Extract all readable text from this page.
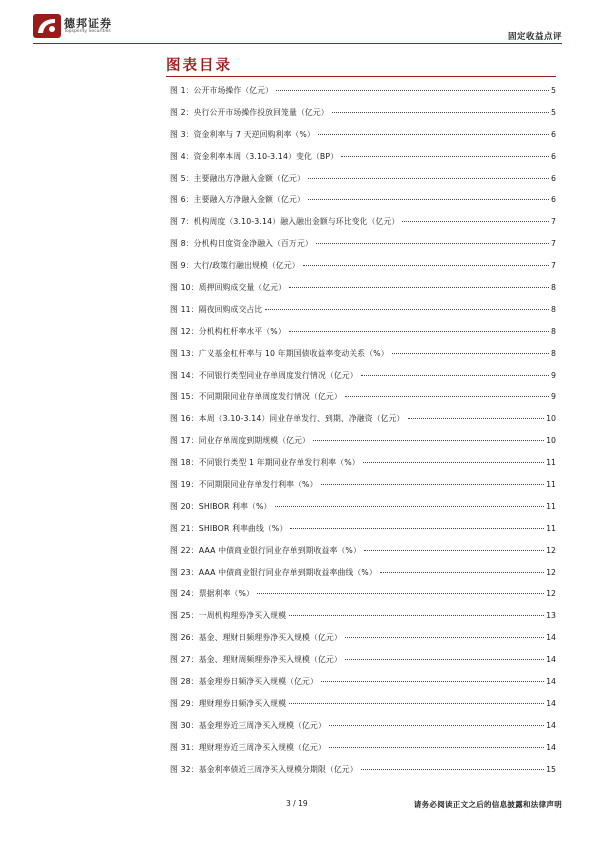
德邦证券
Topsperity Securities
固定收益点评
图表目录
图 1：公开市场操作（亿元）	5
图 2：央行公开市场操作投放回笼量（亿元）	5
图 3：资金利率与 7 天逆回购利率（%）	6
图 4：资金利率本周（3.10-3.14）变化（BP）	6
图 5：主要融出方净融入金额（亿元）	6
图 6：主要融入方净融入金额（亿元）	6
图 7：机构周度（3.10-3.14）融入融出金额与环比变化（亿元）	7
图 8：分机构日度资金净融入（百万元）	7
图 9：大行/政策行融出规模（亿元）	7
图 10：质押回购成交量（亿元）	8
图 11：隔夜回购成交占比	8
图 12：分机构杠杆率水平（%）	8
图 13：广义基金杠杆率与 10 年期国债收益率变动关系（%）	8
图 14：不同银行类型同业存单周度发行情况（亿元）	9
图 15：不同期限同业存单周度发行情况（亿元）	9
图 16：本周（3.10-3.14）同业存单发行、到期、净融资（亿元）	10
图 17：同业存单周度到期规模（亿元）	10
图 18：不同银行类型 1 年期同业存单发行利率（%）	11
图 19：不同期限同业存单发行利率（%）	11
图 20：SHIBOR 利率（%）	11
图 21：SHIBOR 利率曲线（%）	11
图 22：AAA 中债商业银行同业存单到期收益率（%）	12
图 23：AAA 中债商业银行同业存单到期收益率曲线（%）	12
图 24：票据利率（%）	12
图 25：一周机构理券净买入规模	13
图 26：基金、理财日频理券净买入规模（亿元）	14
图 27：基金、理财周频理券净买入规模（亿元）	14
图 28：基金理券日频净买入规模（亿元）	14
图 29：理财理券日频净买入规模	14
图 30：基金理券近三周净买入规模（亿元）	14
图 31：理财理券近三周净买入规模（亿元）	14
图 32：基金利率债近三周净买入规模分期限（亿元）	15
3 / 19	请务必阅读正文之后的信息披露和法律声明
